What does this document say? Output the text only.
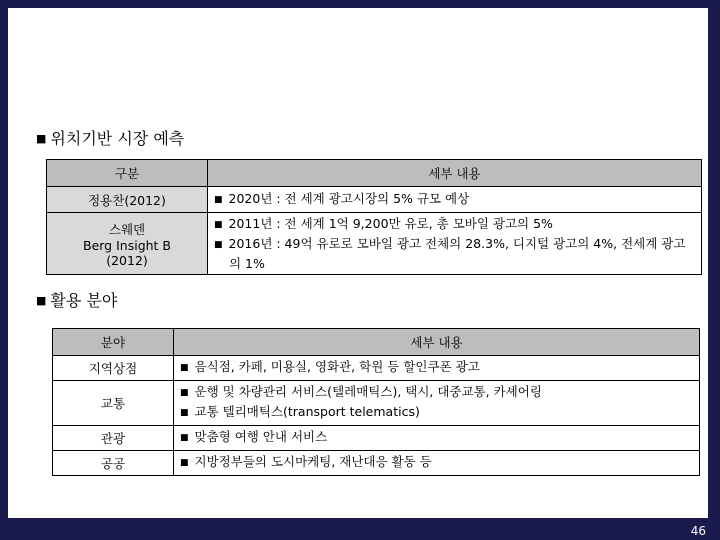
■ 위치기반 시장 예측
구분	세부 내용
정용찬(2012)	■ 2020년 : 전 세계 광고시장의 5% 규모 예상

스웨덴
Berg Insight B
(2012)	■ 2011년 : 전 세계 1억 9,200만 유로, 총 모바일 광고의 5%
■ 2016년 : 49억 유로로 모바일 광고 전체의 28.3%, 디지털 광고의 4%, 전세계 광고의 1%
■ 활용 분야
분야	세부 내용
지역상점	■ 음식점, 카페, 미용실, 영화관, 학원 등 할인쿠폰 광고

교통	■ 운행 및 차량관리 서비스(텔레매틱스), 택시, 대중교통, 카셰어링
■ 교통 텔리매틱스(transport telematics)

관광	■ 맞춤형 여행 안내 서비스

공공	■ 지방정부들의 도시마케팅, 재난대응 활동 등
46
